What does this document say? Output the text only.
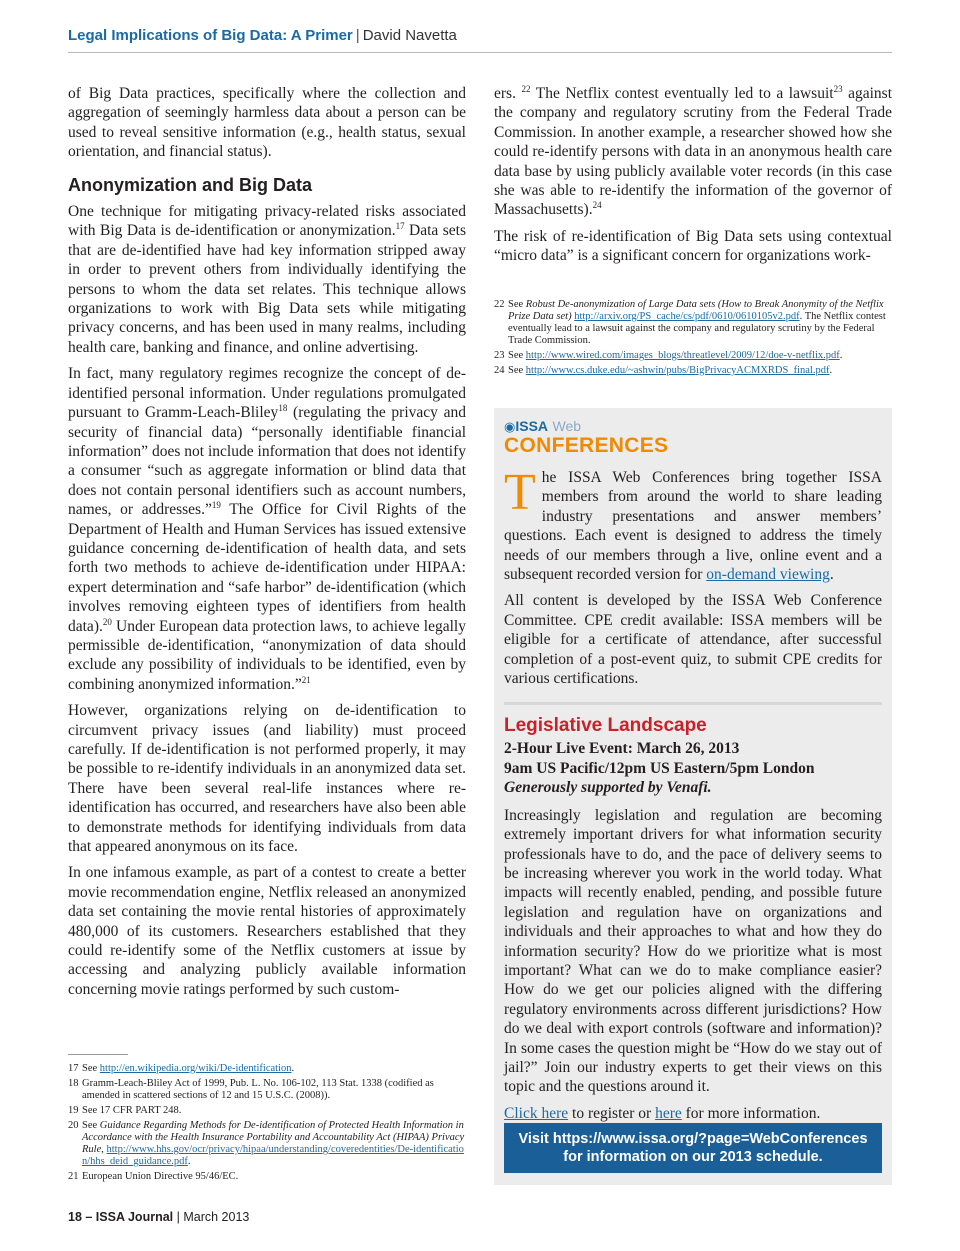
Legal Implications of Big Data: A Primer | David Navetta

of Big Data practices, specifically where the collection and aggregation of seemingly harmless data about a person can be used to reveal sensitive information (e.g., health status, sexual orientation, and financial status).

Anonymization and Big Data

One technique for mitigating privacy-related risks associated with Big Data is de-identification or anonymization.$^{17}$ Data sets that are de-identified have had key information stripped away in order to prevent others from individually identifying the persons to whom the data set relates. This technique allows organizations to work with Big Data sets while mitigating privacy concerns, and has been used in many realms, including health care, banking and finance, and online advertising.

In fact, many regulatory regimes recognize the concept of de-identified personal information. Under regulations promulgated pursuant to Gramm-Leach-Bliley$^{18}$ (regulating the privacy and security of financial data) “personally identifiable financial information” does not include information that does not identify a consumer “such as aggregate information or blind data that does not contain personal identifiers such as account numbers, names, or addresses.”$^{19}$ The Office for Civil Rights of the Department of Health and Human Services has issued extensive guidance concerning de-identification of health data, and sets forth two methods to achieve de-identification under HIPAA: expert determination and “safe harbor” de-identification (which involves removing eighteen types of identifiers from health data).$^{20}$ Under European data protection laws, to achieve legally permissible de-identification, “anonymization of data should exclude any possibility of individuals to be identified, even by combining anonymized information.”$^{21}$

However, organizations relying on de-identification to circumvent privacy issues (and liability) must proceed carefully. If de-identification is not performed properly, it may be possible to re-identify individuals in an anonymized data set. There have been several real-life instances where re-identification has occurred, and researchers have also been able to demonstrate methods for identifying individuals from data that appeared anonymous on its face.

In one infamous example, as part of a contest to create a better movie recommendation engine, Netflix released an anonymized data set containing the movie rental histories of approximately 480,000 of its customers. Researchers established that they could re-identify some of the Netflix customers at issue by accessing and analyzing publicly available information concerning movie ratings performed by such custom-

17 See http://en.wikipedia.org/wiki/De-identification.
18 Gramm-Leach-Bliley Act of 1999, Pub. L. No. 106-102, 113 Stat. 1338 (codified as amended in scattered sections of 12 and 15 U.S.C. (2008)).
19 See 17 CFR PART 248.
20 See Guidance Regarding Methods for De-identification of Protected Health Information in Accordance with the Health Insurance Portability and Accountability Act (HIPAA) Privacy Rule, http://www.hhs.gov/ocr/privacy/hipaa/understanding/coveredentities/De-identification/hhs_deid_guidance.pdf.
21 European Union Directive 95/46/EC.

ers. $^{22}$ The Netflix contest eventually led to a lawsuit$^{23}$ against the company and regulatory scrutiny from the Federal Trade Commission. In another example, a researcher showed how she could re-identify persons with data in an anonymous health care data base by using publicly available voter records (in this case she was able to re-identify the information of the governor of Massachusetts).$^{24}$

The risk of re-identification of Big Data sets using contextual “micro data” is a significant concern for organizations work-

22 See Robust De-anonymization of Large Data sets (How to Break Anonymity of the Netflix Prize Data set) http://arxiv.org/PS_cache/cs/pdf/0610/0610105v2.pdf. The Netflix contest eventually lead to a lawsuit against the company and regulatory scrutiny by the Federal Trade Commission.
23 See http://www.wired.com/images_blogs/threatlevel/2009/12/doe-v-netflix.pdf.
24 See http://www.cs.duke.edu/~ashwin/pubs/BigPrivacyACMXRDS_final.pdf.
◉ISSA Web
CONFERENCES

The ISSA Web Conferences bring together ISSA members from around the world to share leading industry presentations and answer members’ questions. Each event is designed to address the timely needs of our members through a live, online event and a subsequent recorded version for on-demand viewing.

All content is developed by the ISSA Web Conference Committee. CPE credit available: ISSA members will be eligible for a certificate of attendance, after successful completion of a post-event quiz, to submit CPE credits for various certifications.

Legislative Landscape
2-Hour Live Event: March 26, 2013
9am US Pacific/12pm US Eastern/5pm London
Generously supported by Venafi.

Increasingly legislation and regulation are becoming extremely important drivers for what information security professionals have to do, and the pace of delivery seems to be increasing wherever you work in the world today. What impacts will recently enabled, pending, and possible future legislation and regulation have on organizations and individuals and their approaches to what and how they do information security? How do we prioritize what is most important? What can we do to make compliance easier? How do we get our policies aligned with the differing regulatory environments across different jurisdictions? How do we deal with export controls (software and information)? In some cases the question might be “How do we stay out of jail?” Join our industry experts to get their views on this topic and the questions around it.

Click here to register or here for more information.

Visit https://www.issa.org/?page=WebConferences
for information on our 2013 schedule.
18 – ISSA Journal | March 2013
